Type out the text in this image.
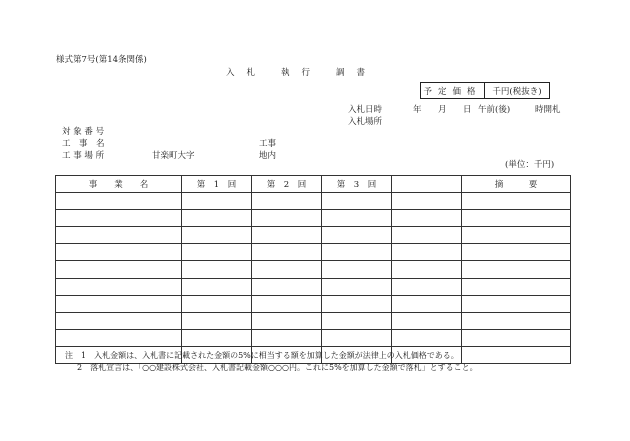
様式第7号(第14条関係)
入 札	執 行	調 書
予定価格	千円(税抜き)
入札日時	年 月 日 午前(後)	時開札
入札場所
対 象 番 号
工　事　名	工事
工 事 場 所	甘楽町大字	地内
(単位：千円)
事　　業　　名	第　1　回	第　2　回	第　3　回		摘　　　要

注　1　入札金額は、入札書に記載された金額の5%に相当する額を加算した金額が法律上の入札価格である。
2　落札宣言は、「○○建設株式会社、入札書記載金額○○○円。これに5%を加算した金額で落札」とすること。
